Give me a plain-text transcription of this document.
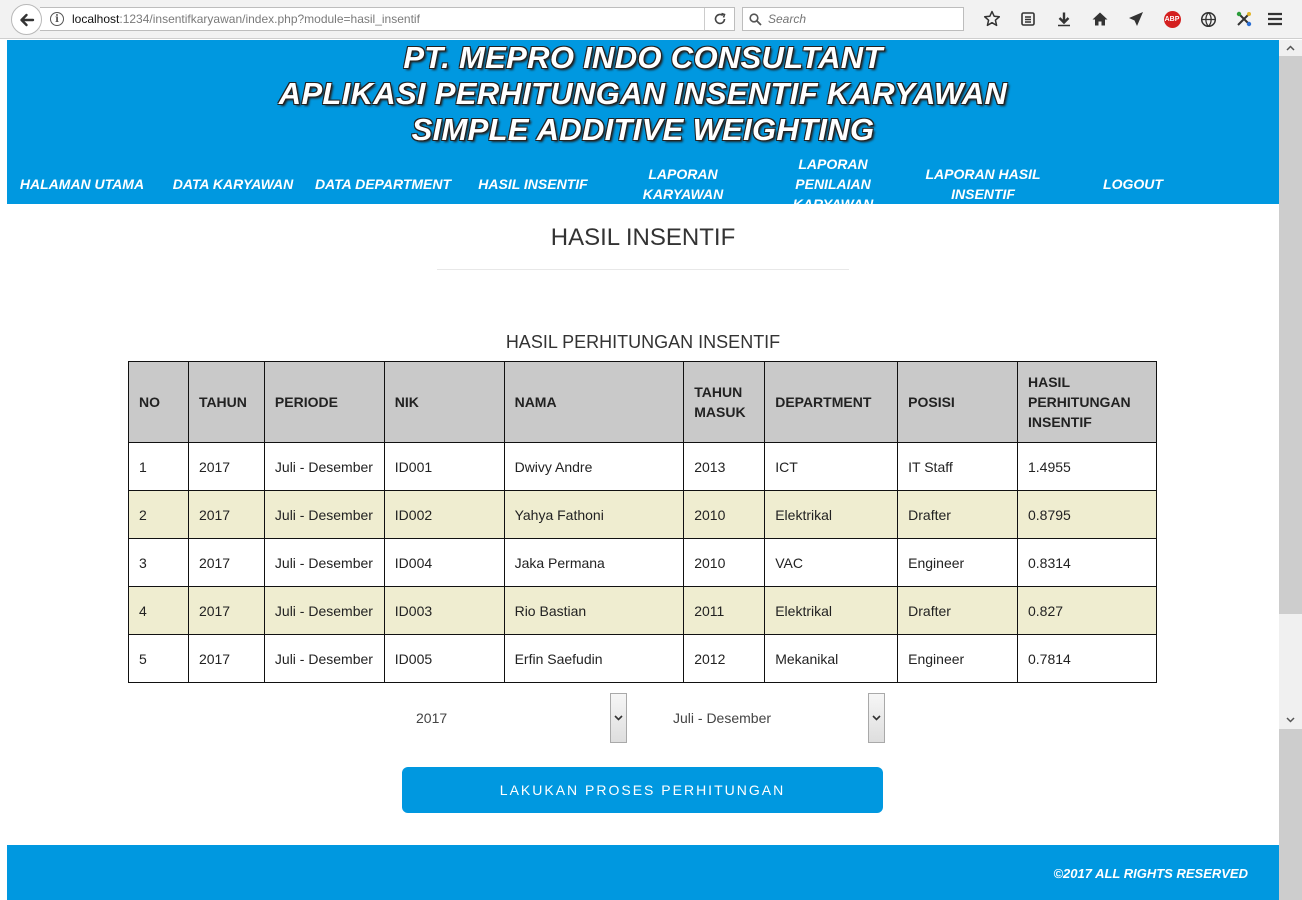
i	localhost:1234/insentifkaryawan/index.php?module=hasil_insentif
Search	ABP
PT. MEPRO INDO CONSULTANT
APLIKASI PERHITUNGAN INSENTIF KARYAWAN
SIMPLE ADDITIVE WEIGHTING
HALAMAN UTAMA	DATA KARYAWAN	DATA DEPARTMENT	HASIL INSENTIF
LAPORAN KARYAWAN
LAPORAN PENILAIAN KARYAWAN
LAPORAN HASIL INSENTIF
LOGOUT
HASIL INSENTIF
HASIL PERHITUNGAN INSENTIF
NO	TAHUN	PERIODE	NIK	NAMA	TAHUN MASUK	DEPARTMENT	POSISI	HASIL PERHITUNGAN INSENTIF
1	2017	Juli - Desember	ID001	Dwivy Andre	2013	ICT	IT Staff	1.4955
2	2017	Juli - Desember	ID002	Yahya Fathoni	2010	Elektrikal	Drafter	0.8795
3	2017	Juli - Desember	ID004	Jaka Permana	2010	VAC	Engineer	0.8314
4	2017	Juli - Desember	ID003	Rio Bastian	2011	Elektrikal	Drafter	0.827
5	2017	Juli - Desember	ID005	Erfin Saefudin	2012	Mekanikal	Engineer	0.7814
2017	Juli - Desember
LAKUKAN PROSES PERHITUNGAN
©2017 ALL RIGHTS RESERVED
